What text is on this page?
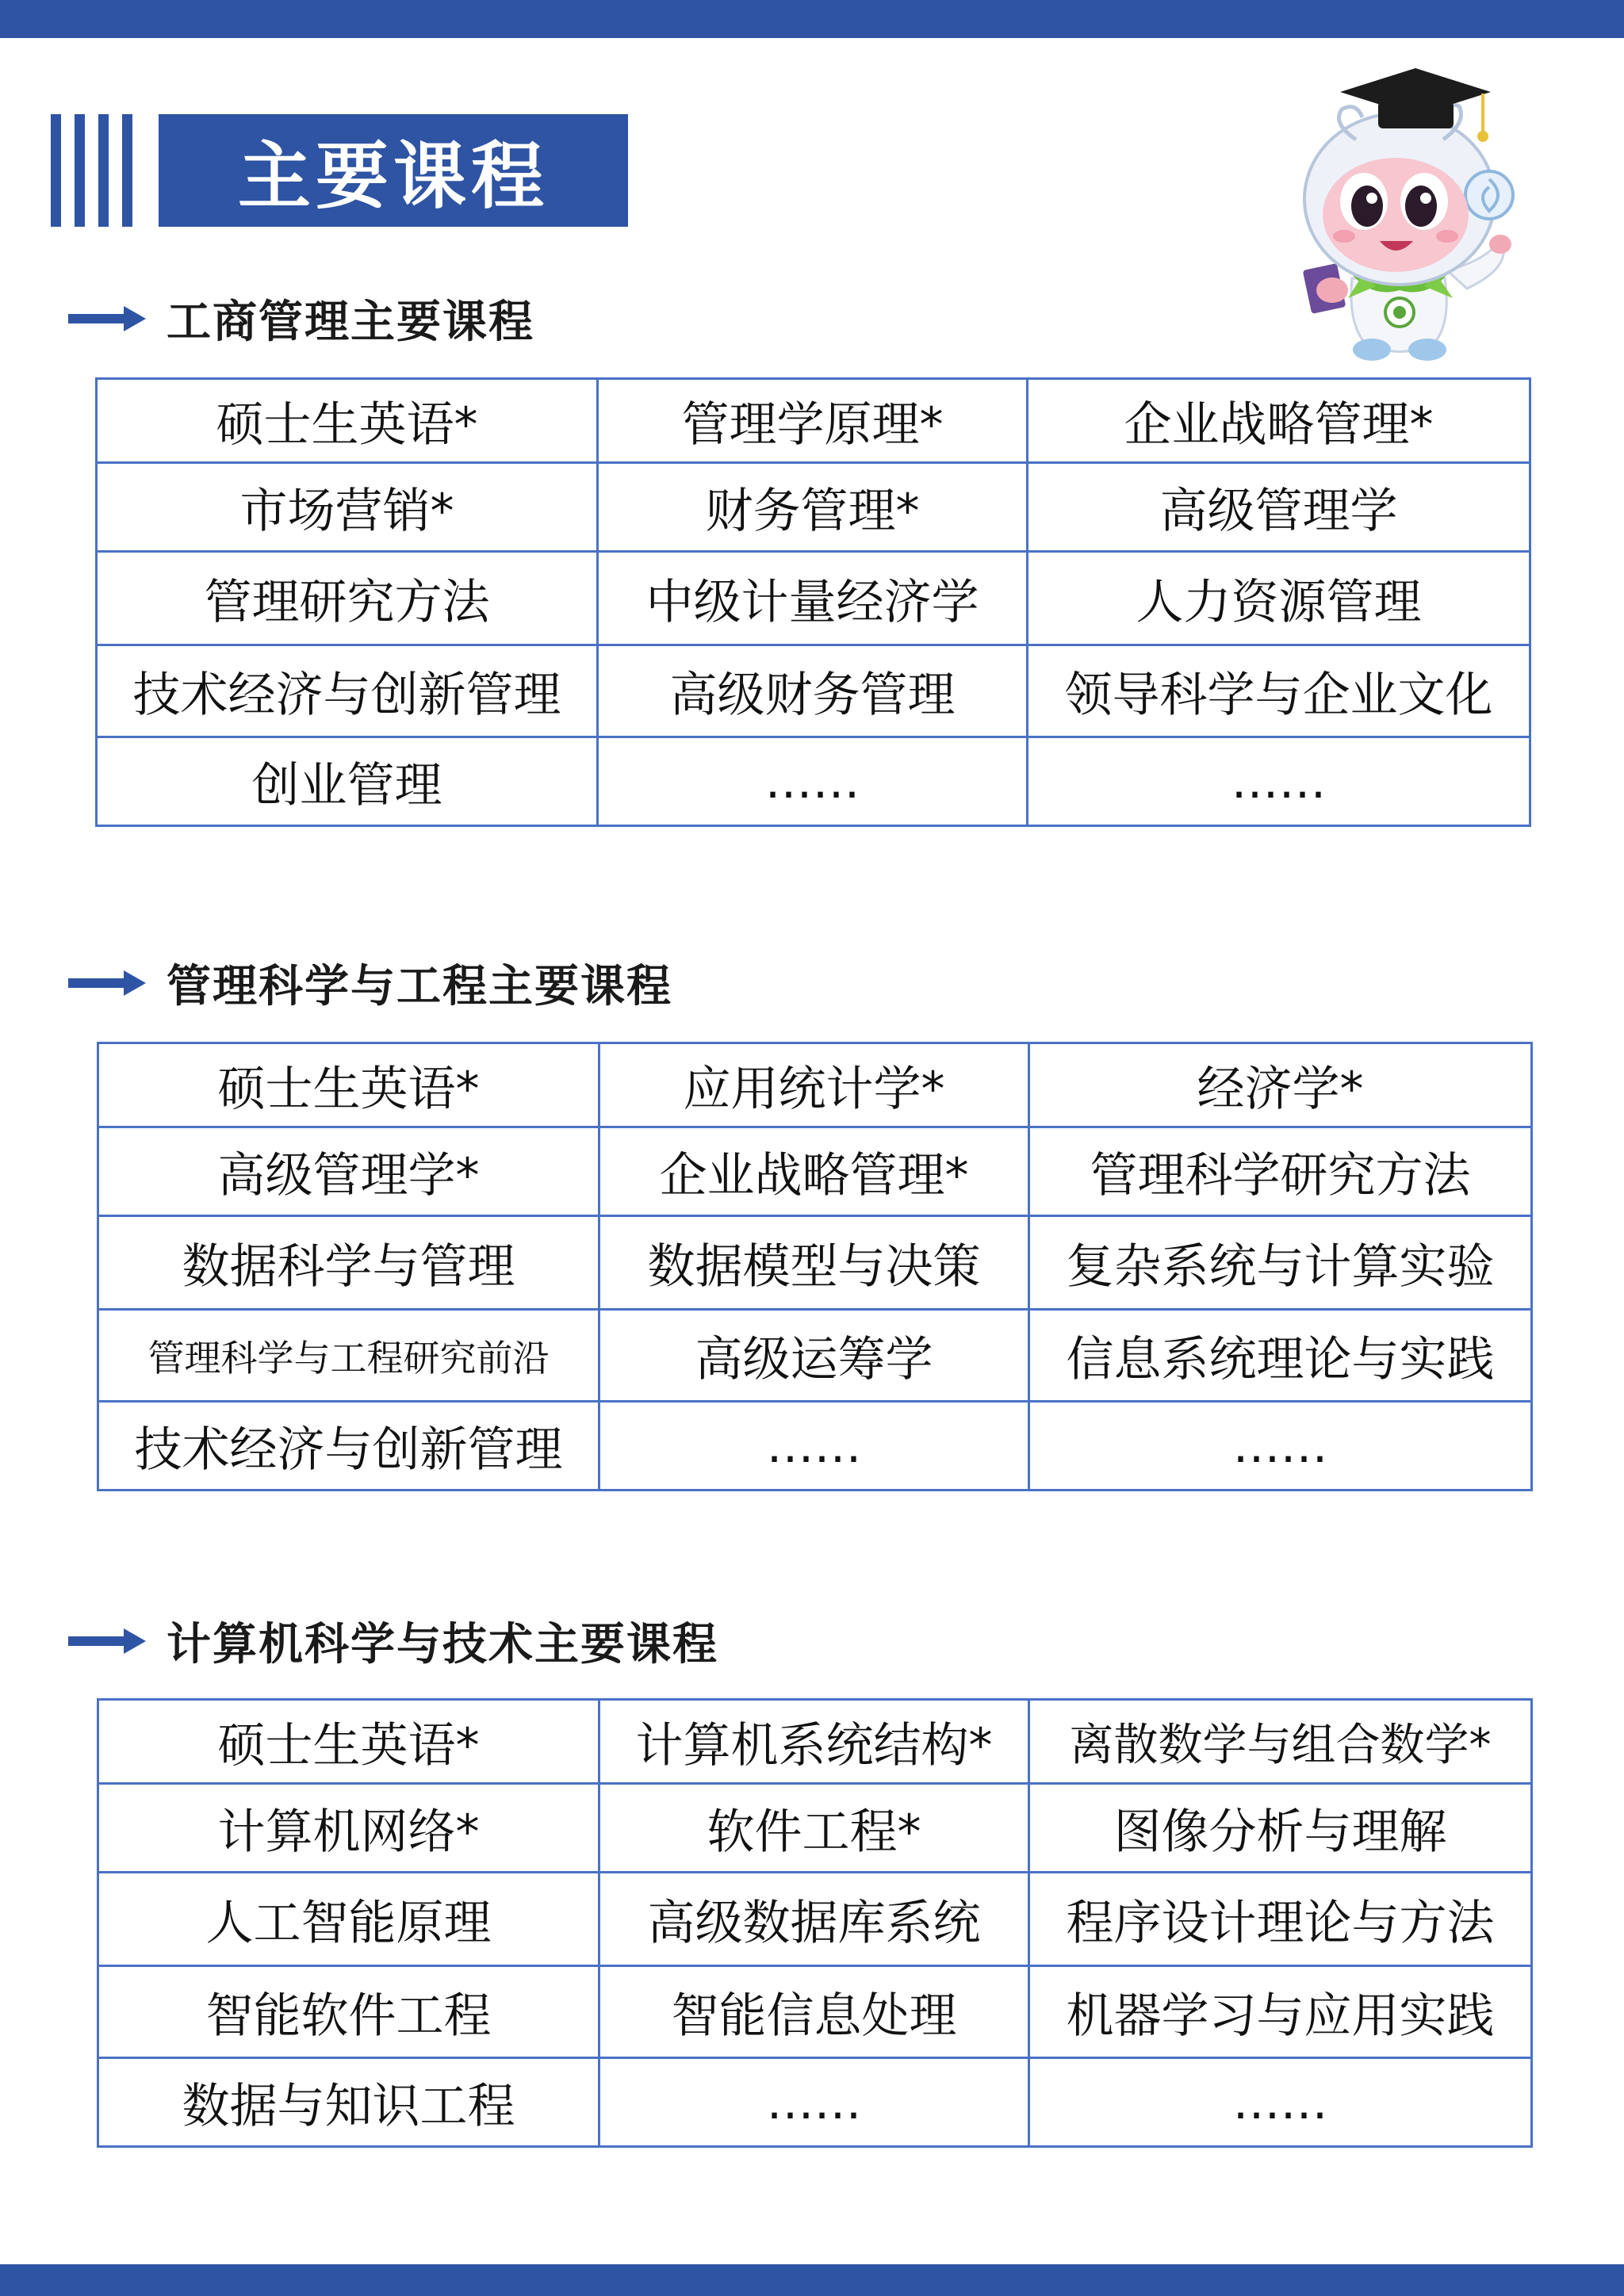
主要课程
工商管理主要课程
硕士生英语*	管理学原理*	企业战略管理*
市场营销*	财务管理*	高级管理学
管理研究方法	中级计量经济学	人力资源管理
技术经济与创新管理	高级财务管理	领导科学与企业文化
创业管理	……	……
管理科学与工程主要课程
硕士生英语*	应用统计学*	经济学*
高级管理学*	企业战略管理*	管理科学研究方法
数据科学与管理	数据模型与决策	复杂系统与计算实验
管理科学与工程研究前沿	高级运筹学	信息系统理论与实践
技术经济与创新管理	……	……
计算机科学与技术主要课程
硕士生英语*	计算机系统结构*	离散数学与组合数学*
计算机网络*	软件工程*	图像分析与理解
人工智能原理	高级数据库系统	程序设计理论与方法
智能软件工程	智能信息处理	机器学习与应用实践
数据与知识工程	……	……
